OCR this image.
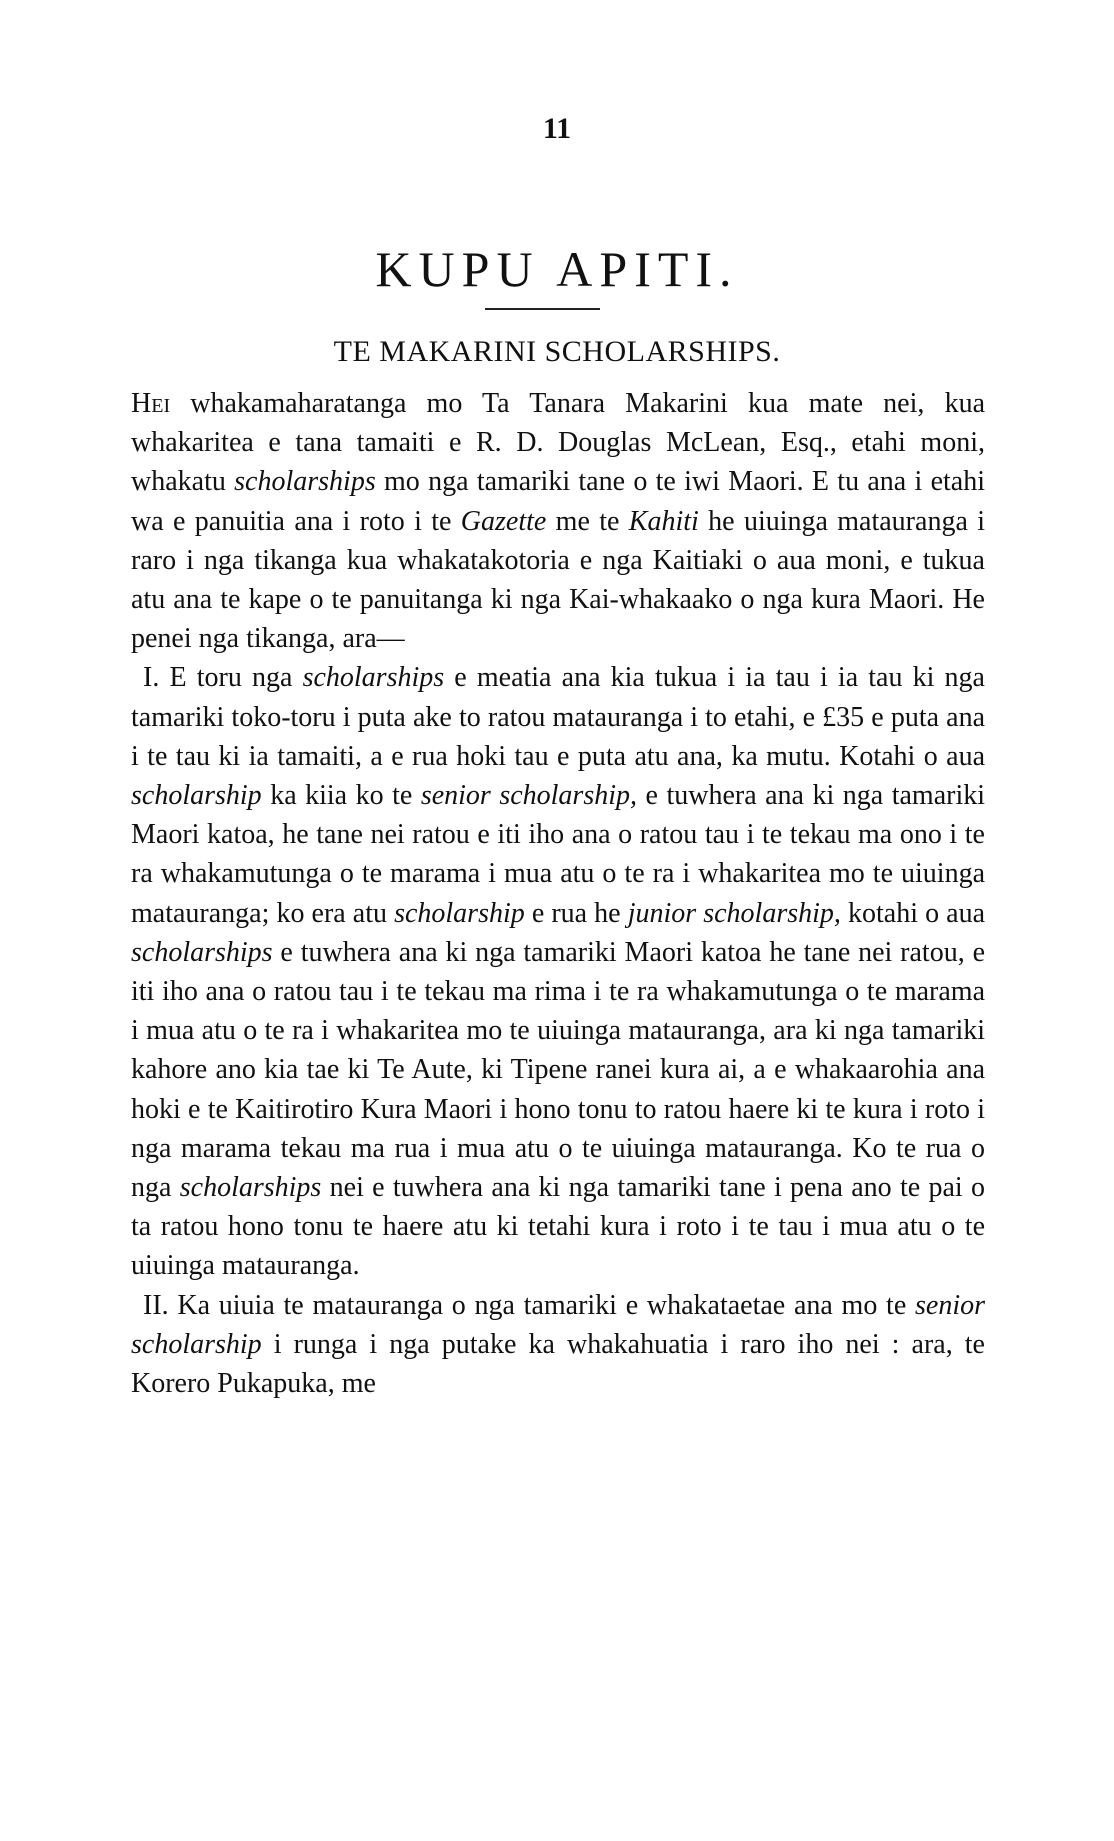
11
KUPU APITI.
TE MAKARINI SCHOLARSHIPS.

Hei whakamaharatanga mo Ta Tanara Makarini kua mate nei, kua whakaritea e tana tamaiti e R. D. Douglas McLean, Esq., etahi moni, whakatu scholarships mo nga tamariki tane o te iwi Maori. E tu ana i etahi wa e panuitia ana i roto i te Gazette me te Kahiti he uiuinga matauranga i raro i nga tikanga kua whakatakotoria e nga Kaitiaki o aua moni, e tukua atu ana te kape o te panuitanga ki nga Kai-whakaako o nga kura Maori. He penei nga tikanga, ara—

I. E toru nga scholarships e meatia ana kia tukua i ia tau i ia tau ki nga tamariki toko-toru i puta ake to ratou matauranga i to etahi, e £35 e puta ana i te tau ki ia tamaiti, a e rua hoki tau e puta atu ana, ka mutu. Kotahi o aua scholarship ka kiia ko te senior scholarship, e tuwhera ana ki nga tamariki Maori katoa, he tane nei ratou e iti iho ana o ratou tau i te tekau ma ono i te ra whakamutunga o te marama i mua atu o te ra i whakaritea mo te uiuinga matauranga; ko era atu scholarship e rua he junior scholarship, kotahi o aua scholarships e tuwhera ana ki nga tamariki Maori katoa he tane nei ratou, e iti iho ana o ratou tau i te tekau ma rima i te ra whakamutunga o te marama i mua atu o te ra i whakaritea mo te uiuinga matauranga, ara ki nga tamariki kahore ano kia tae ki Te Aute, ki Tipene ranei kura ai, a e whakaarohia ana hoki e te Kaitirotiro Kura Maori i hono tonu to ratou haere ki te kura i roto i nga marama tekau ma rua i mua atu o te uiuinga matauranga. Ko te rua o nga scholarships nei e tuwhera ana ki nga tamariki tane i pena ano te pai o ta ratou hono tonu te haere atu ki tetahi kura i roto i te tau i mua atu o te uiuinga matauranga.

II. Ka uiuia te matauranga o nga tamariki e whakataetae ana mo te senior scholarship i runga i nga putake ka whakahuatia i raro iho nei : ara, te Korero Pukapuka, me
